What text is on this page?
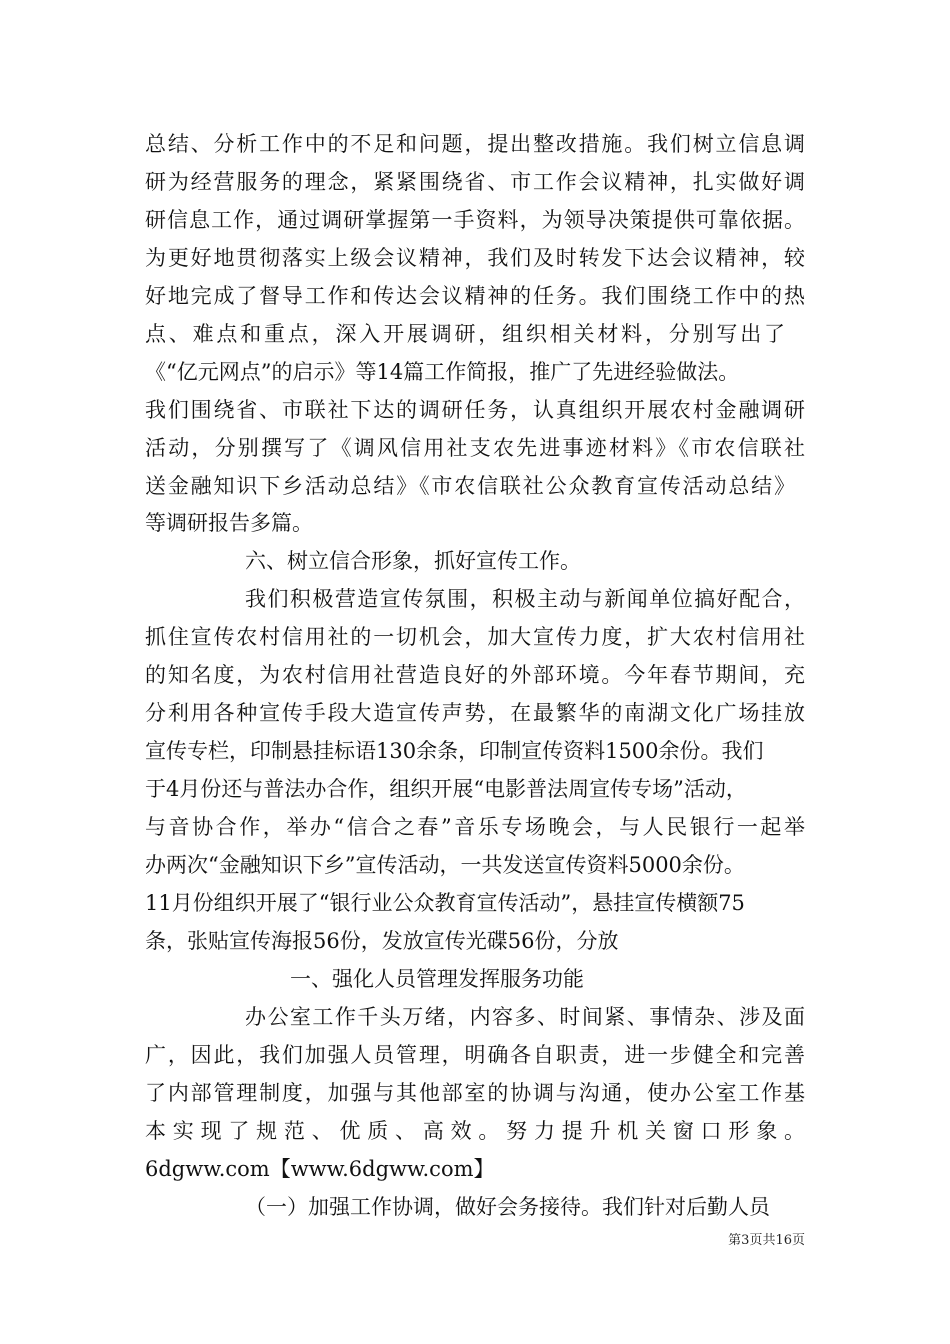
总结、分析工作中的不足和问题，提出整改措施。我们树立信息调
研为经营服务的理念，紧紧围绕省、市工作会议精神，扎实做好调
研信息工作，通过调研掌握第一手资料，为领导决策提供可靠依据。
为更好地贯彻落实上级会议精神，我们及时转发下达会议精神，较
好地完成了督导工作和传达会议精神的任务。我们围绕工作中的热
点、难点和重点，深入开展调研，组织相关材料，分别写出了
《“亿元网点”的启示》等14篇工作简报，推广了先进经验做法。
我们围绕省、市联社下达的调研任务，认真组织开展农村金融调研
活动，分别撰写了《调风信用社支农先进事迹材料》《市农信联社
送金融知识下乡活动总结》《市农信联社公众教育宣传活动总结》
等调研报告多篇。
六、树立信合形象，抓好宣传工作。
我们积极营造宣传氛围，积极主动与新闻单位搞好配合，
抓住宣传农村信用社的一切机会，加大宣传力度，扩大农村信用社
的知名度，为农村信用社营造良好的外部环境。今年春节期间，充
分利用各种宣传手段大造宣传声势，在最繁华的南湖文化广场挂放
宣传专栏，印制悬挂标语130余条，印制宣传资料1500余份。我们
于4月份还与普法办合作，组织开展“电影普法周宣传专场”活动，
与音协合作，举办“信合之春”音乐专场晚会，与人民银行一起举
办两次“金融知识下乡”宣传活动，一共发送宣传资料5000余份。
11月份组织开展了“银行业公众教育宣传活动”，悬挂宣传横额75
条，张贴宣传海报56份，发放宣传光碟56份，分放
一、强化人员管理发挥服务功能
办公室工作千头万绪，内容多、时间紧、事情杂、涉及面
广，因此，我们加强人员管理，明确各自职责，进一步健全和完善
了内部管理制度，加强与其他部室的协调与沟通，使办公室工作基
本实现了规范、优质、高效。努力提升机关窗口形象。
6dgww.com【www.6dgww.com】
（一）加强工作协调，做好会务接待。我们针对后勤人员
第3页共16页
